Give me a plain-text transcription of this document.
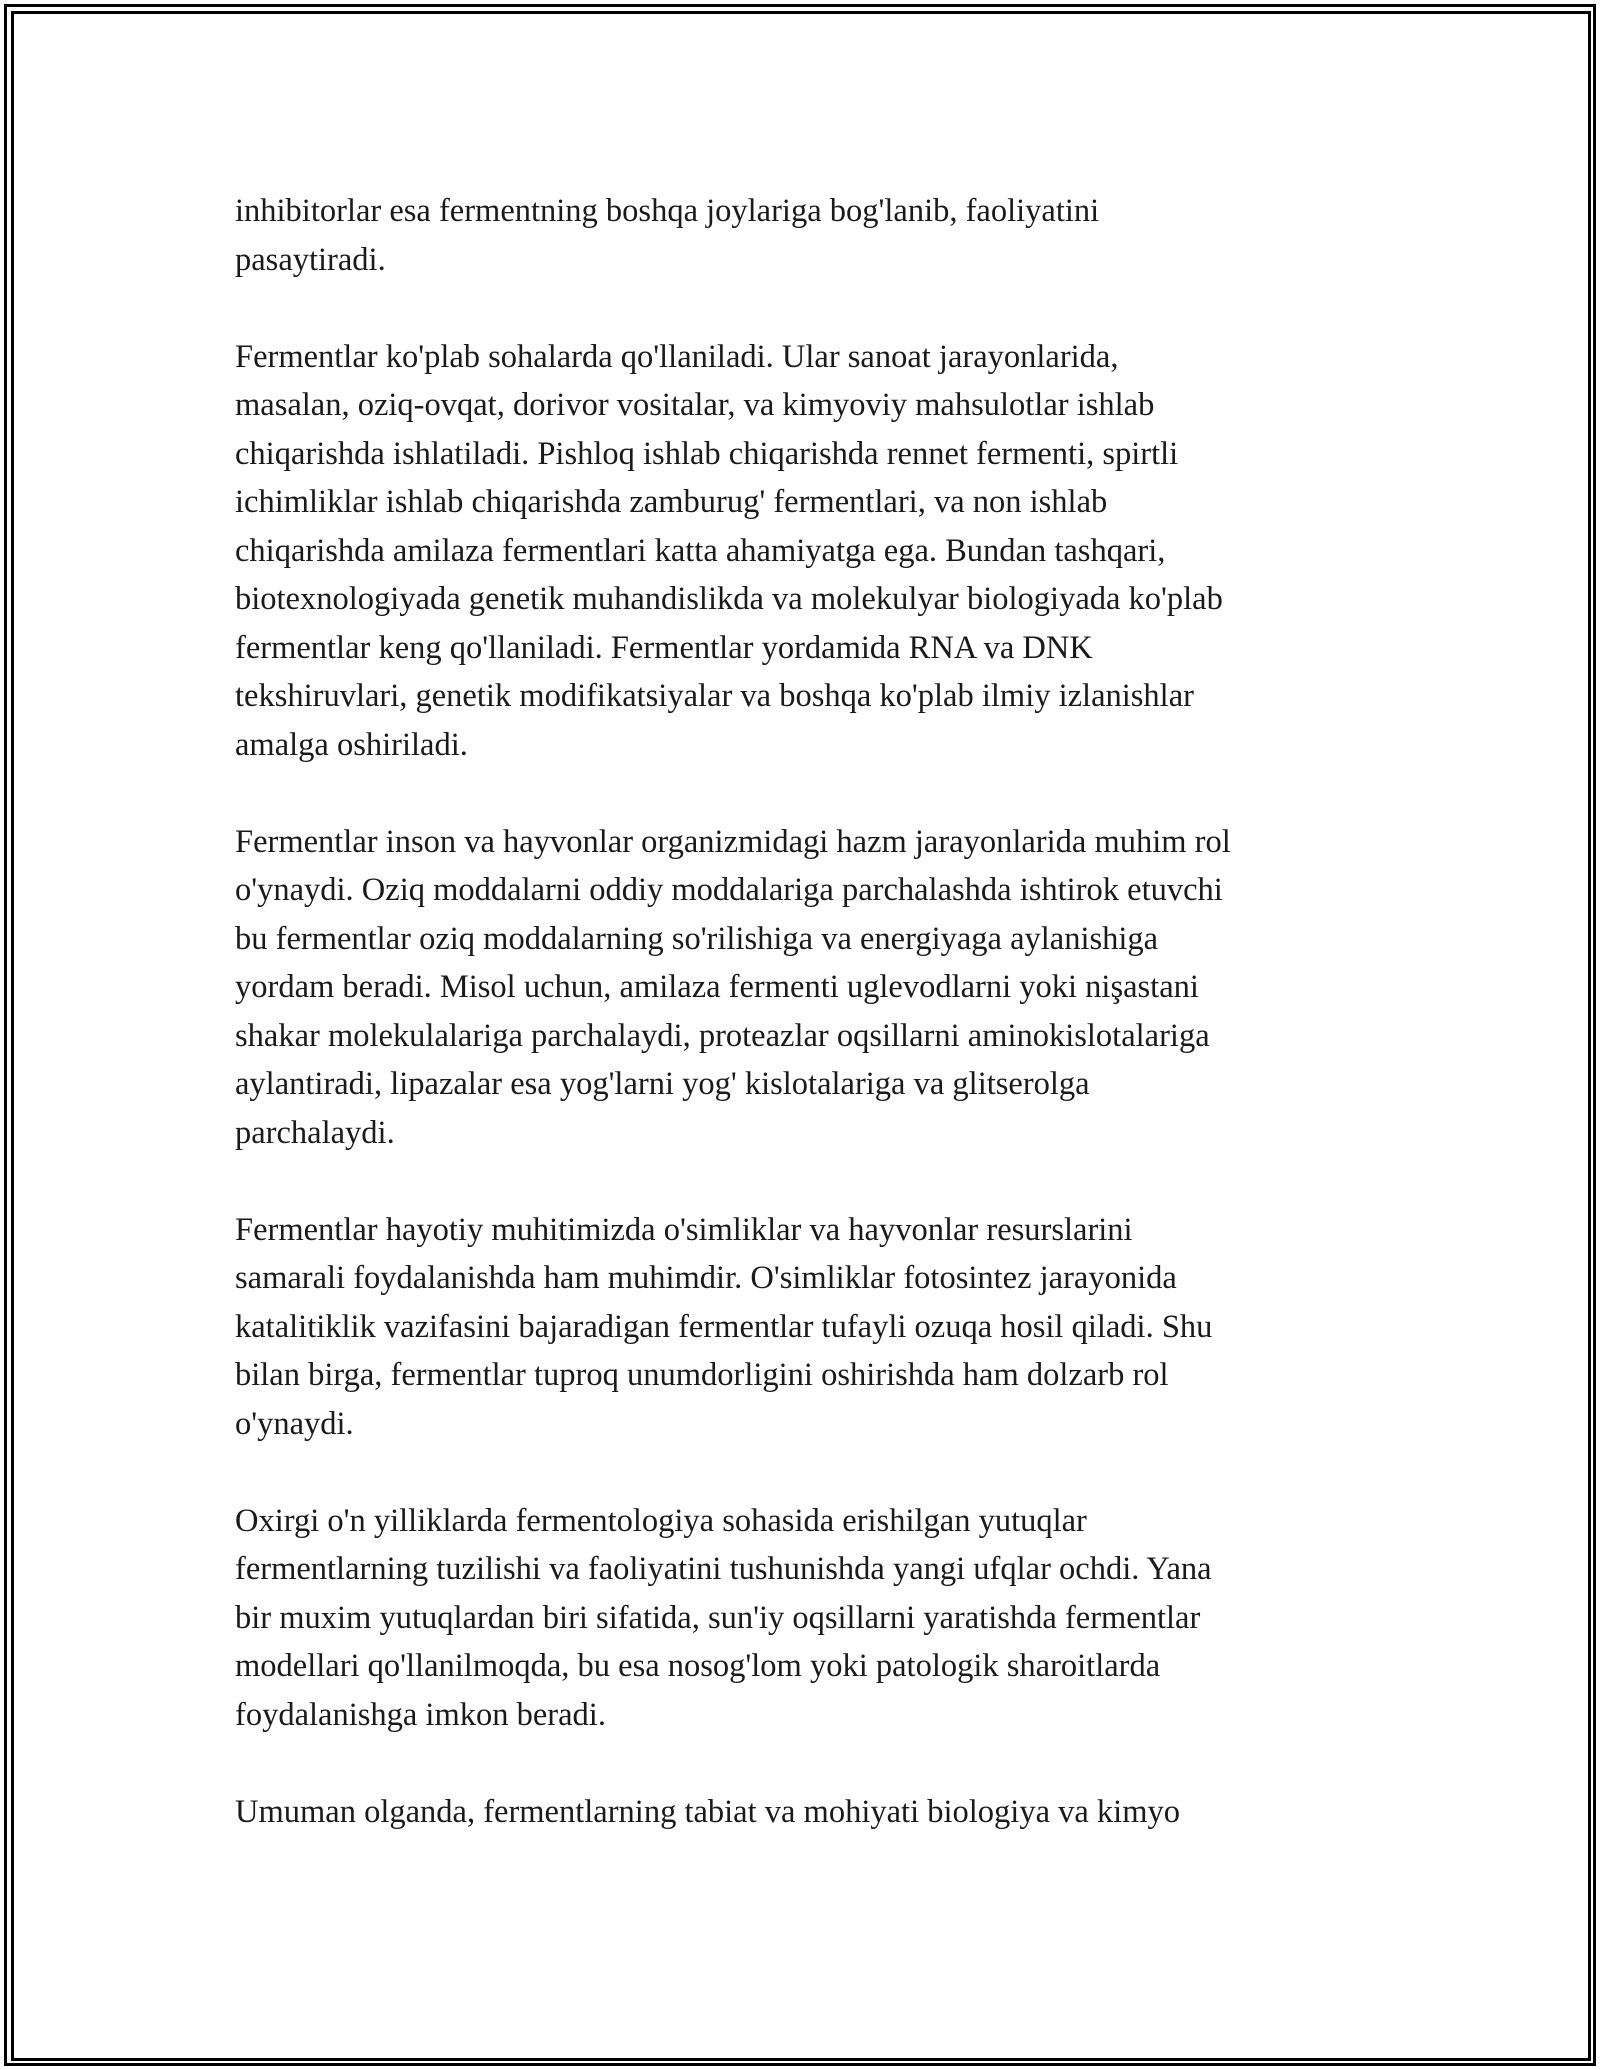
inhibitorlar esa fermentning boshqa joylariga bog'lanib, faoliyatini
pasaytiradi.

Fermentlar ko'plab sohalarda qo'llaniladi. Ular sanoat jarayonlarida,
masalan, oziq-ovqat, dorivor vositalar, va kimyoviy mahsulotlar ishlab
chiqarishda ishlatiladi. Pishloq ishlab chiqarishda rennet fermenti, spirtli
ichimliklar ishlab chiqarishda zamburug' fermentlari, va non ishlab
chiqarishda amilaza fermentlari katta ahamiyatga ega. Bundan tashqari,
biotexnologiyada genetik muhandislikda va molekulyar biologiyada ko'plab
fermentlar keng qo'llaniladi. Fermentlar yordamida RNA va DNK
tekshiruvlari, genetik modifikatsiyalar va boshqa ko'plab ilmiy izlanishlar
amalga oshiriladi.

Fermentlar inson va hayvonlar organizmidagi hazm jarayonlarida muhim rol
o'ynaydi. Oziq moddalarni oddiy moddalariga parchalashda ishtirok etuvchi
bu fermentlar oziq moddalarning so'rilishiga va energiyaga aylanishiga
yordam beradi. Misol uchun, amilaza fermenti uglevodlarni yoki nişastani
shakar molekulalariga parchalaydi, proteazlar oqsillarni aminokislotalariga
aylantiradi, lipazalar esa yog'larni yog' kislotalariga va glitserolga
parchalaydi.

Fermentlar hayotiy muhitimizda o'simliklar va hayvonlar resurslarini
samarali foydalanishda ham muhimdir. O'simliklar fotosintez jarayonida
katalitiklik vazifasini bajaradigan fermentlar tufayli ozuqa hosil qiladi. Shu
bilan birga, fermentlar tuproq unumdorligini oshirishda ham dolzarb rol
o'ynaydi.

Oxirgi o'n yilliklarda fermentologiya sohasida erishilgan yutuqlar
fermentlarning tuzilishi va faoliyatini tushunishda yangi ufqlar ochdi. Yana
bir muxim yutuqlardan biri sifatida, sun'iy oqsillarni yaratishda fermentlar
modellari qo'llanilmoqda, bu esa nosog'lom yoki patologik sharoitlarda
foydalanishga imkon beradi.

Umuman olganda, fermentlarning tabiat va mohiyati biologiya va kimyo
